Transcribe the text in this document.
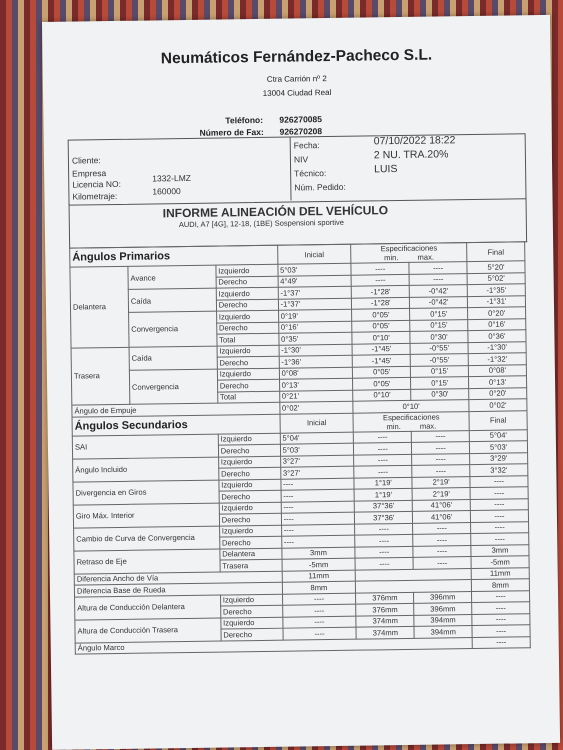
Neumáticos Fernández-Pacheco S.L.
Ctra Carrión nº 2
13004 Ciudad Real
Teléfono: 926270085
Número de Fax: 926270208
Cliente:
Empresa
Licencia NO:
1332-LMZ
Kilometraje:	160000
Fecha:	07/10/2022 18:22
NIV	2 NU. TRA.20%
Técnico:	LUIS
Núm. Pedido:
INFORME ALINEACIÓN DEL VEHÍCULO
AUDI, A7 [4G], 12-18, (1BE) Sospensioni sportive
Ángulos Primarios			Inicial	Especificaciones
min. max.		Final
Delantera	Avance	Izquierdo	5°03'	----	----	5°20'
		Derecho	4°49'	----	----	5°02'
	Caída	Izquierdo	-1°37'	-1°28'	-0°42'	-1°35'
		Derecho	-1°37'	-1°28'	-0°42'	-1°31'
	Convergencia	Izquierdo	0°19'	0°05'	0°15'	0°20'
		Derecho	0°16'	0°05'	0°15'	0°16'
		Total	0°35'	0°10'	0°30'	0°36'
Trasera	Caída	Izquierdo	-1°30'	-1°45'	-0°55'	-1°30'
		Derecho	-1°36'	-1°45'	-0°55'	-1°32'
	Convergencia	Izquierdo	0°08'	0°05'	0°15'	0°08'
		Derecho	0°13'	0°05'	0°15'	0°13'
		Total	0°21'	0°10'	0°30'	0°20'
Ángulo de Empuje			0°02'	0°10'		0°02'
Ángulos Secundarios			Inicial	Especificaciones
min. max.		Final
SAI		Izquierdo	5°04'	----	----	5°04'
		Derecho	5°03'	----	----	5°03'
Ángulo Incluido		Izquierdo	3°27'	----	----	3°29'
		Derecho	3°27'	----	----	3°32'
Divergencia en Giros		Izquierdo	----	1°19'	2°19'	----
		Derecho	----	1°19'	2°19'	----
Giro Máx. Interior		Izquierdo	----	37°36'	41°06'	----
		Derecho	----	37°36'	41°06'	----
Cambio de Curva de Convergencia		Izquierdo	----	----	----	----
		Derecho	----	----	----	----
Retraso de Eje		Delantera	3mm	----	----	3mm
		Trasera	-5mm	----	----	-5mm
Diferencia Ancho de Vía			11mm			11mm
Diferencia Base de Rueda			8mm			8mm
Altura de Conducción Delantera		Izquierdo	----	376mm	396mm	----
		Derecho	----	376mm	396mm	----
Altura de Conducción Trasera		Izquierdo	----	374mm	394mm	----
		Derecho	----	374mm	394mm	----
Ángulo Marco						----
